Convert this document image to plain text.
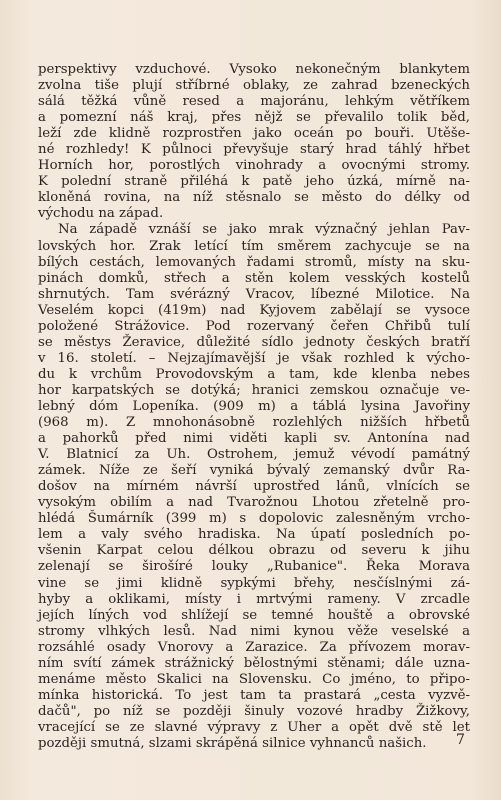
perspektivy vzduchové. Vysoko nekonečným blankytem
zvolna tiše plují stříbrné oblaky, ze zahrad bzeneckých
sálá těžká vůně resed a majoránu, lehkým větříkem
a pomezní náš kraj, přes nějž se převalilo tolik běd,
leží zde klidně rozprostřen jako oceán po bouři. Utěše-
né rozhledy! K půlnoci převyšuje starý hrad táhlý hřbet
Horních hor, porostlých vinohrady a ovocnými stromy.
K polední straně přiléhá k patě jeho úzká, mírně na-
kloněná rovina, na níž stěsnalo se město do délky od
východu na západ.

Na západě vznáší se jako mrak význačný jehlan Pav-
lovských hor. Zrak letící tím směrem zachycuje se na
bílých cestách, lemovaných řadami stromů, místy na sku-
pinách domků, střech a stěn kolem vesských kostelů
shrnutých. Tam svérázný Vracov, líbezné Milotice. Na
Veselém kopci (419m) nad Kyjovem zabělají se vysoce
položené Strážovice. Pod rozervaný čeřen Chřibů tulí
se městys Žeravice, důležité sídlo jednoty českých bratří
v 16. století. – Nejzajímavější je však rozhled k výcho-
du k vrchům Provodovským a tam, kde klenba nebes
hor karpatských se dotýká; hranici zemskou označuje ve-
lebný dóm Lopeníka. (909 m) a táblá lysina Javořiny
(968 m). Z mnohonásobně rozlehlých nižších hřbetů
a pahorků před nimi viděti kapli sv. Antonína nad
V. Blatnicí za Uh. Ostrohem, jemuž vévodí památný
zámek. Níže ze šeří vyniká bývalý zemanský dvůr Ra-
došov na mírném návrší uprostřed lánů, vlnících se
vysokým obilím a nad Tvarožnou Lhotou zřetelně pro-
hlédá Šumárník (399 m) s dopolovic zalesněným vrcho-
lem a valy svého hradiska. Na úpatí posledních po-
všenin Karpat celou délkou obrazu od severu k jihu
zelenají se širošíré louky „Rubanice". Řeka Morava
vine se jimi klidně sypkými břehy, nesčíslnými zá-
hyby a oklikami, místy i mrtvými rameny. V zrcadle
jejích líných vod shlížejí se temné houště a obrovské
stromy vlhkých lesů. Nad nimi kynou věže veselské a
rozsáhlé osady Vnorovy a Zarazice. Za přívozem morav-
ním svítí zámek strážnický bělostnými stěnami; dále uzna-
menáme město Skalici na Slovensku. Co jméno, to připo-
mínka historická. To jest tam ta prastará „cesta vyzvě-
dačů", po níž se později šinuly vozové hradby Žižkovy,
vracející se ze slavné výpravy z Uher a opět dvě stě let
později smutná, slzami skrápěná silnice vyhnanců našich.	7
